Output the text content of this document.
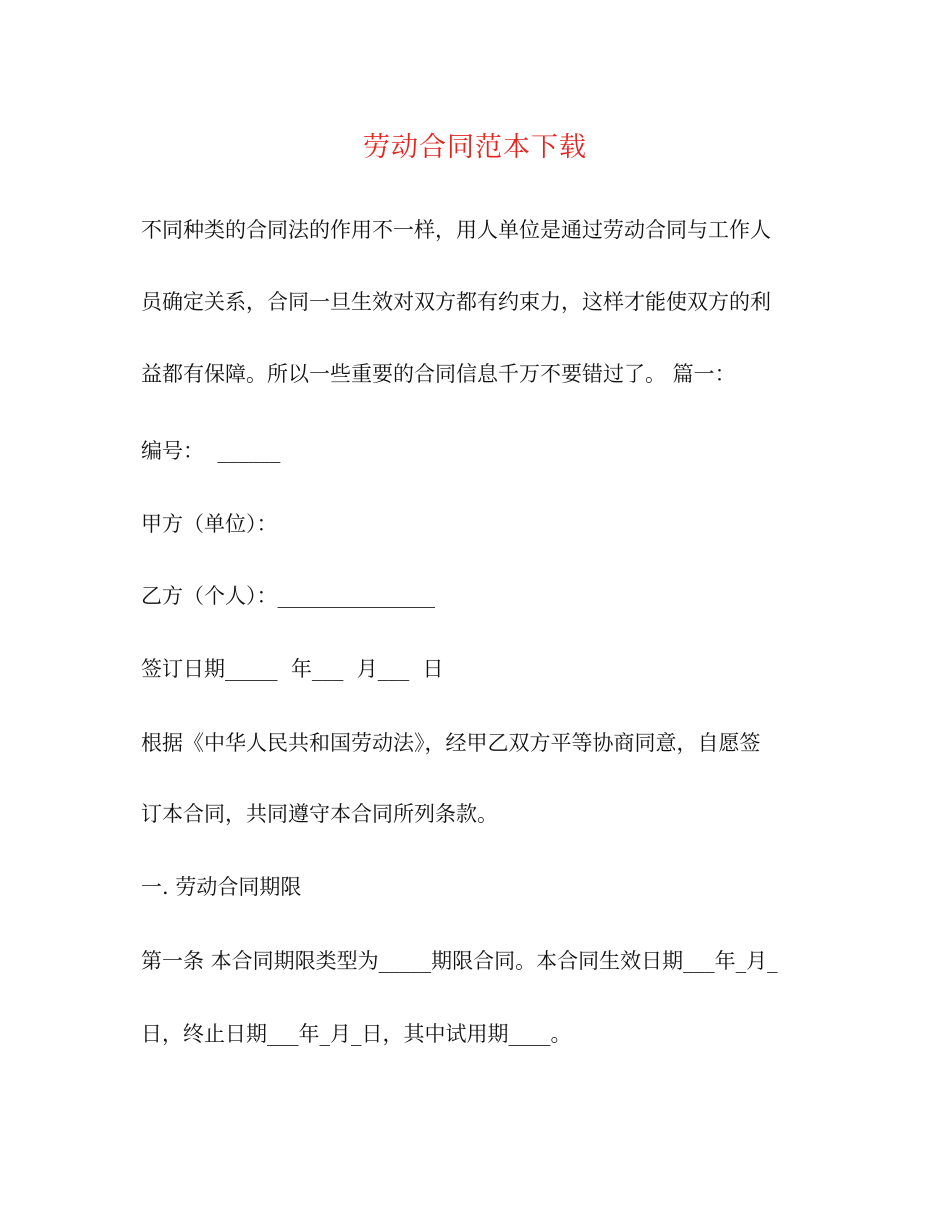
劳动合同范本下载
不同种类的合同法的作用不一样，用人单位是通过劳动合同与工作人
员确定关系，合同一旦生效对双方都有约束力，这样才能使双方的利
益都有保障。所以一些重要的合同信息千万不要错过了。 篇一：
编号：  ______
甲方（单位）：
乙方（个人）：_______________
签订日期_____  年___  月___  日
根据《中华人民共和国劳动法》，经甲乙双方平等协商同意，自愿签
订本合同，共同遵守本合同所列条款。
一. 劳动合同期限
第一条 本合同期限类型为_____期限合同。本合同生效日期___年_月_
日，终止日期___年_月_日，其中试用期____。
